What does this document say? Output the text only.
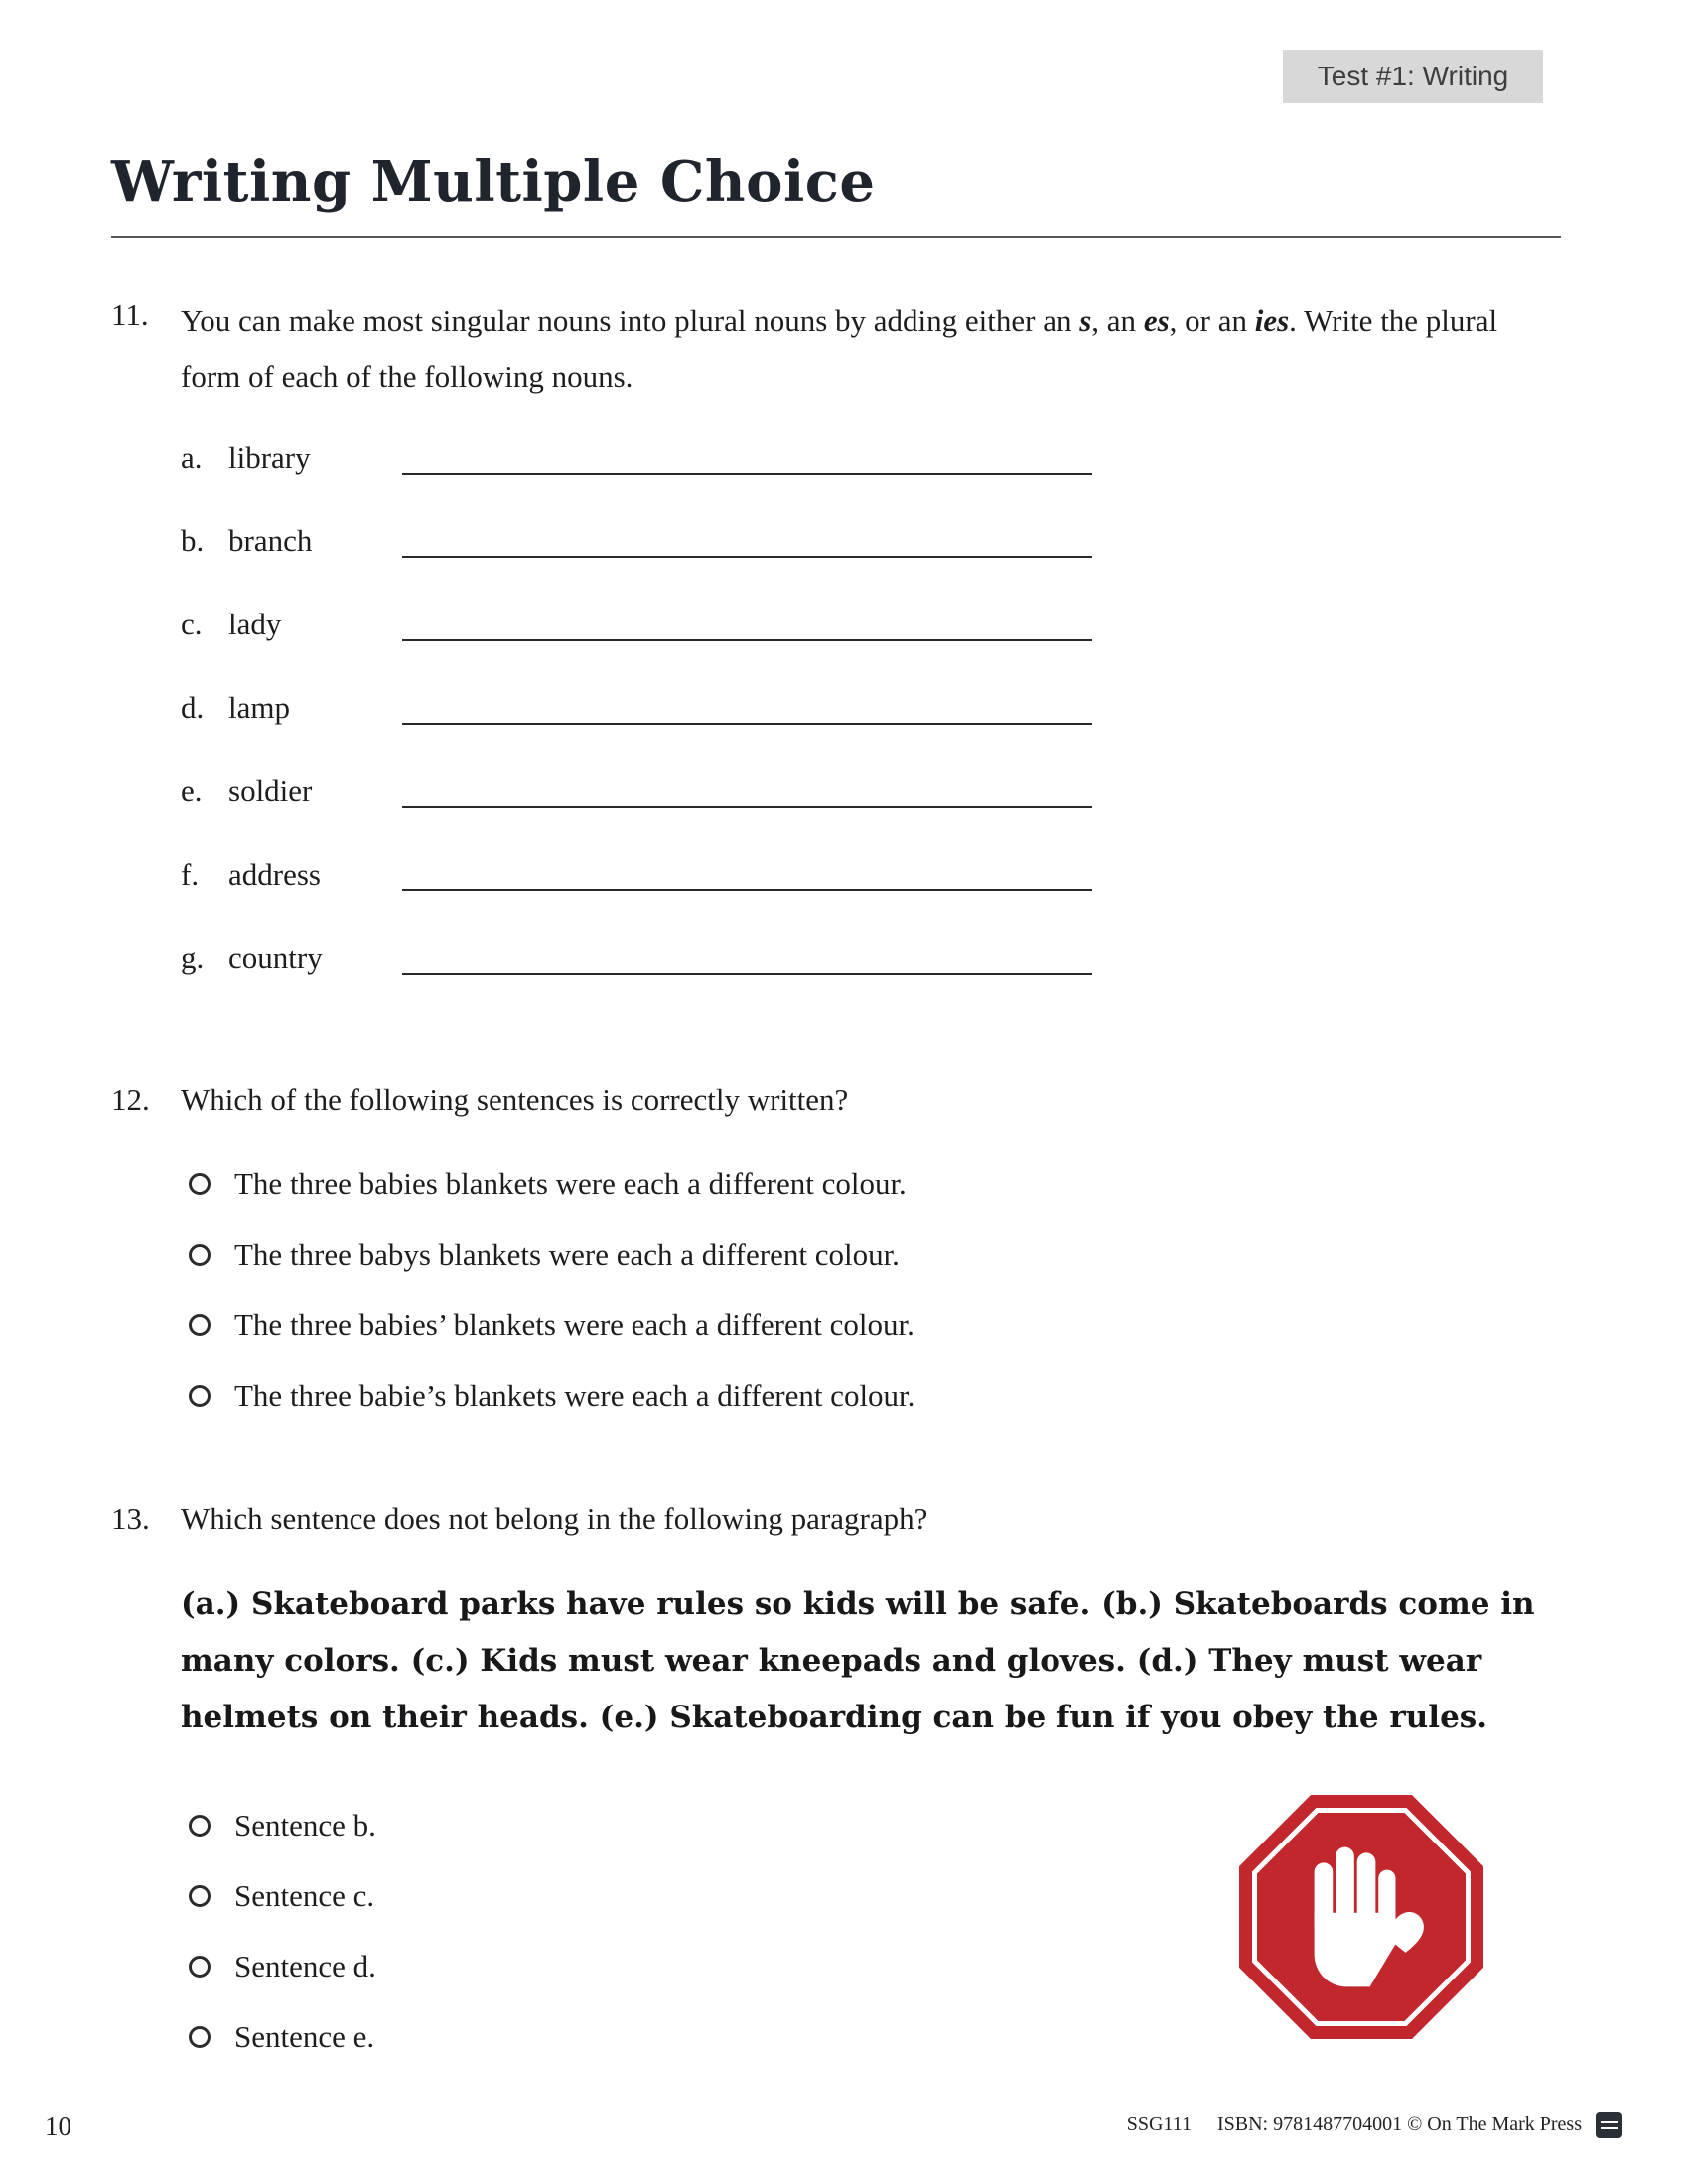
Test #1: Writing
Writing Multiple Choice
11.	You can make most singular nouns into plural nouns by adding either an s, an es, or an ies. Write the plural form of each of the following nouns.
a. library
b. branch
c. lady
d. lamp
e. soldier
f. address
g. country
12.	Which of the following sentences is correctly written?
The three babies blankets were each a different colour.
The three babys blankets were each a different colour.
The three babies’ blankets were each a different colour.
The three babie’s blankets were each a different colour.
13.	Which sentence does not belong in the following paragraph?
(a.) Skateboard parks have rules so kids will be safe. (b.) Skateboards come in many colors. (c.) Kids must wear kneepads and gloves. (d.) They must wear helmets on their heads. (e.) Skateboarding can be fun if you obey the rules.
Sentence b.
Sentence c.
Sentence d.
Sentence e.
10	SSG111 ISBN: 9781487704001 © On The Mark Press
